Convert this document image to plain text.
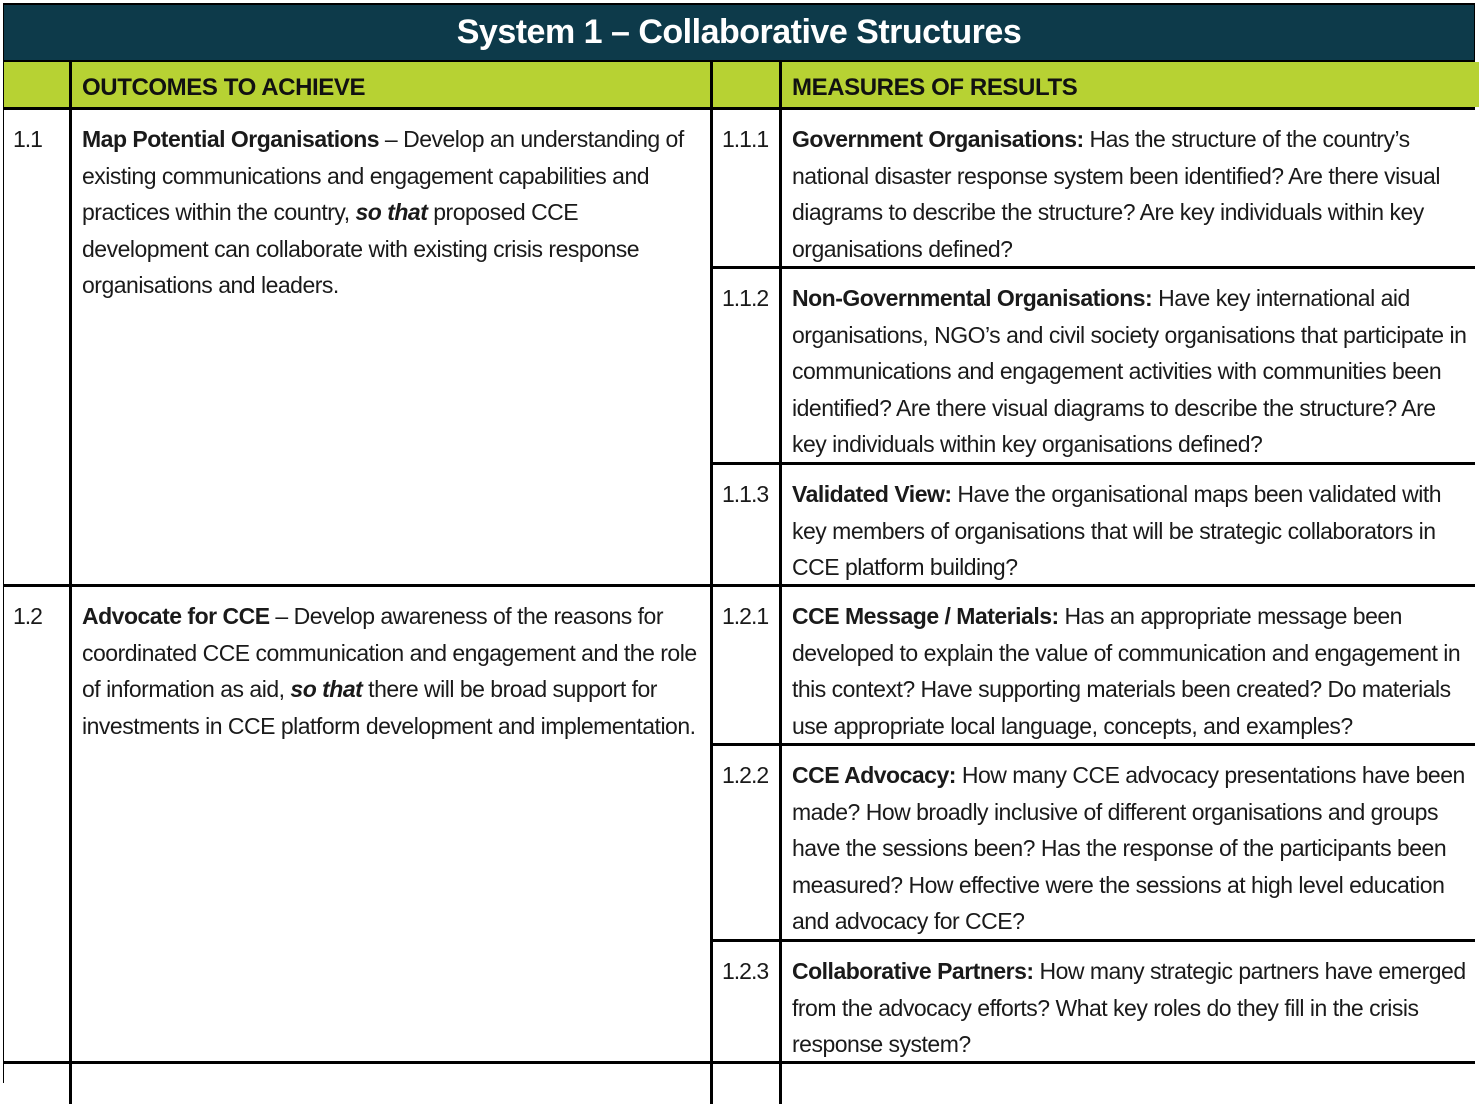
System 1 – Collaborative Structures
OUTCOMES TO ACHIEVE	MEASURES OF RESULTS
1.1	Map Potential Organisations – Develop an understanding of existing communications and engagement capabilities and practices within the country, so that proposed CCE development can collaborate with existing crisis response organisations and leaders.
1.1.1	Government Organisations: Has the structure of the country’s national disaster response system been identified? Are there visual diagrams to describe the structure? Are key individuals within key organisations defined?
1.1.2	Non-Governmental Organisations: Have key international aid organisations, NGO’s and civil society organisations that participate in communications and engagement activities with communities been identified? Are there visual diagrams to describe the structure? Are key individuals within key organisations defined?
1.1.3	Validated View: Have the organisational maps been validated with key members of organisations that will be strategic collaborators in CCE platform building?
1.2	Advocate for CCE – Develop awareness of the reasons for coordinated CCE communication and engagement and the role of information as aid, so that there will be broad support for investments in CCE platform development and implementation.
1.2.1	CCE Message / Materials: Has an appropriate message been developed to explain the value of communication and engagement in this context? Have supporting materials been created? Do materials use appropriate local language, concepts, and examples?
1.2.2	CCE Advocacy: How many CCE advocacy presentations have been made? How broadly inclusive of different organisations and groups have the sessions been? Has the response of the participants been measured? How effective were the sessions at high level education and advocacy for CCE?
1.2.3	Collaborative Partners: How many strategic partners have emerged from the advocacy efforts? What key roles do they fill in the crisis response system?
